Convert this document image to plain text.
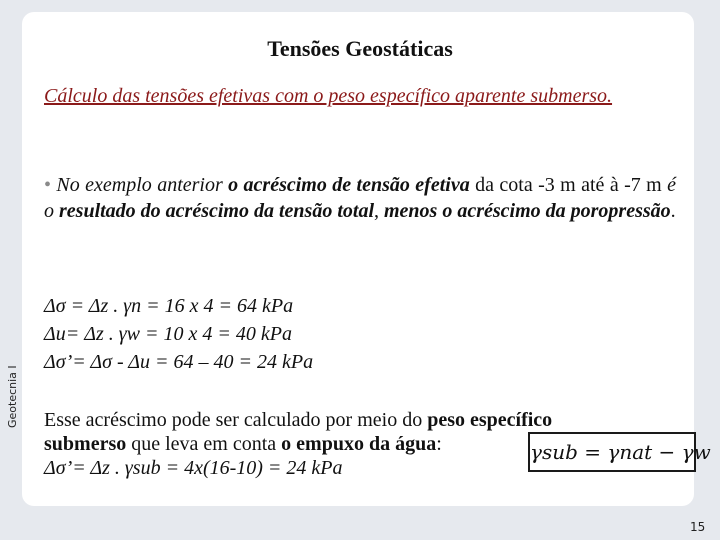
Geotecnia I
Tensões Geostáticas
Cálculo das tensões efetivas com o peso específico aparente submerso.
• No exemplo anterior o acréscimo de tensão efetiva da cota -3 m até à -7 m é o resultado do acréscimo da tensão total, menos o acréscimo da poropressão.
Δσ = Δz . γn = 16 x 4 = 64 kPa
Δu= Δz . γw = 10 x 4 = 40 kPa
Δσ’= Δσ - Δu = 64 – 40 = 24 kPa
Esse acréscimo pode ser calculado por meio do peso específico
submerso que leva em conta o empuxo da água:
Δσ’= Δz . γsub = 4x(16-10) = 24 kPa
γsub = γnat − γw
15
